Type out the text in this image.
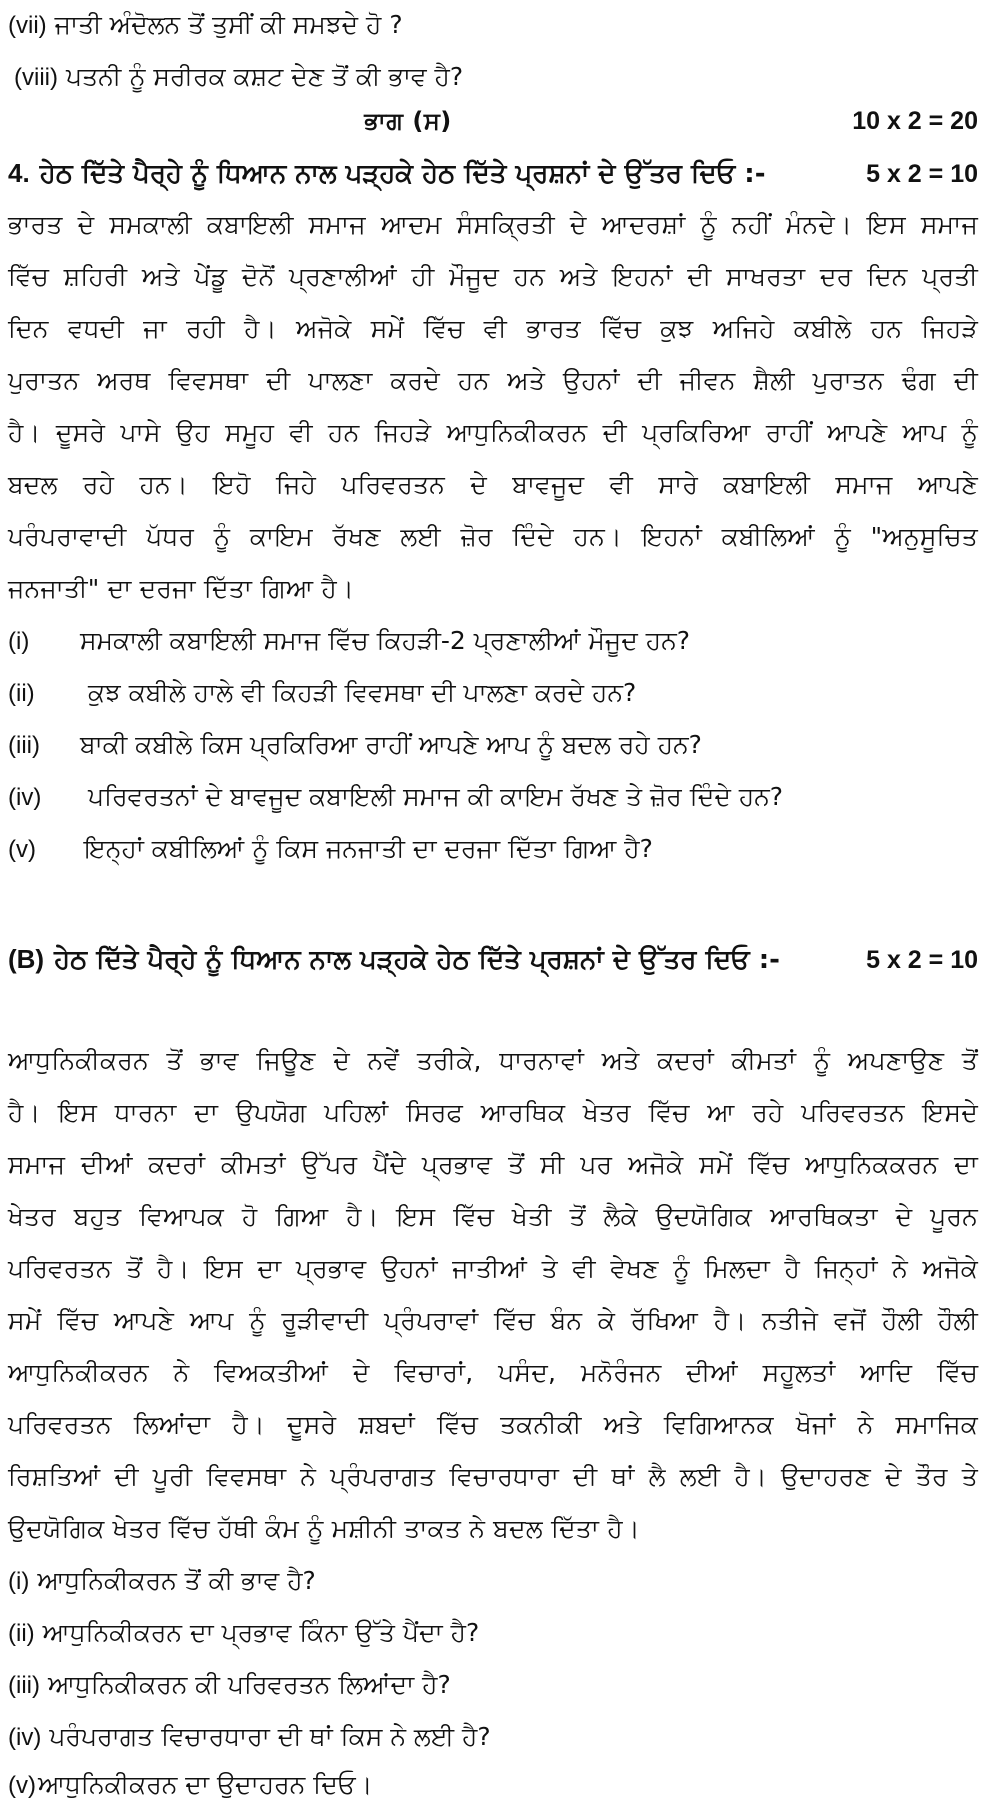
(vii) ਜਾਤੀ ਅੰਦੋਲਨ ਤੋਂ ਤੁਸੀਂ ਕੀ ਸਮਝਦੇ ਹੋ ?
(viii) ਪਤਨੀ ਨੂੰ ਸਰੀਰਕ ਕਸ਼ਟ ਦੇਣ ਤੋਂ ਕੀ ਭਾਵ ਹੈ?
ਭਾਗ (ਸ)	10 x 2 = 20
4. ਹੇਠ ਦਿੱਤੇ ਪੈਰ੍ਹੇ ਨੂੰ ਧਿਆਨ ਨਾਲ ਪੜ੍ਹਕੇ ਹੇਠ ਦਿੱਤੇ ਪ੍ਰਸ਼ਨਾਂ ਦੇ ਉੱਤਰ ਦਿਓ :-	5 x 2 = 10
ਭਾਰਤ ਦੇ ਸਮਕਾਲੀ ਕਬਾਇਲੀ ਸਮਾਜ ਆਦਮ ਸੰਸਕ੍ਰਿਤੀ ਦੇ ਆਦਰਸ਼ਾਂ ਨੂੰ ਨਹੀਂ ਮੰਨਦੇ। ਇਸ ਸਮਾਜ
ਵਿੱਚ ਸ਼ਹਿਰੀ ਅਤੇ ਪੇਂਡੂ ਦੋਨੋਂ ਪ੍ਰਣਾਲੀਆਂ ਹੀ ਮੌਜੂਦ ਹਨ ਅਤੇ ਇਹਨਾਂ ਦੀ ਸਾਖਰਤਾ ਦਰ ਦਿਨ ਪ੍ਰਤੀ
ਦਿਨ ਵਧਦੀ ਜਾ ਰਹੀ ਹੈ। ਅਜੋਕੇ ਸਮੇਂ ਵਿੱਚ ਵੀ ਭਾਰਤ ਵਿੱਚ ਕੁਝ ਅਜਿਹੇ ਕਬੀਲੇ ਹਨ ਜਿਹੜੇ
ਪੁਰਾਤਨ ਅਰਥ ਵਿਵਸਥਾ ਦੀ ਪਾਲਣਾ ਕਰਦੇ ਹਨ ਅਤੇ ਉਹਨਾਂ ਦੀ ਜੀਵਨ ਸ਼ੈਲੀ ਪੁਰਾਤਨ ਢੰਗ ਦੀ
ਹੈ। ਦੂਸਰੇ ਪਾਸੇ ਉਹ ਸਮੂਹ ਵੀ ਹਨ ਜਿਹੜੇ ਆਧੁਨਿਕੀਕਰਨ ਦੀ ਪ੍ਰਕਿਰਿਆ ਰਾਹੀਂ ਆਪਣੇ ਆਪ ਨੂੰ
ਬਦਲ ਰਹੇ ਹਨ। ਇਹੋ ਜਿਹੇ ਪਰਿਵਰਤਨ ਦੇ ਬਾਵਜੂਦ ਵੀ ਸਾਰੇ ਕਬਾਇਲੀ ਸਮਾਜ ਆਪਣੇ
ਪਰੰਪਰਾਵਾਦੀ ਪੱਧਰ ਨੂੰ ਕਾਇਮ ਰੱਖਣ ਲਈ ਜ਼ੋਰ ਦਿੰਦੇ ਹਨ। ਇਹਨਾਂ ਕਬੀਲਿਆਂ ਨੂੰ "ਅਨੁਸੂਚਿਤ
ਜਨਜਾਤੀ" ਦਾ ਦਰਜਾ ਦਿੱਤਾ ਗਿਆ ਹੈ।
(i)	ਸਮਕਾਲੀ ਕਬਾਇਲੀ ਸਮਾਜ ਵਿੱਚ ਕਿਹੜੀ-2 ਪ੍ਰਣਾਲੀਆਂ ਮੌਜੂਦ ਹਨ?
(ii)	ਕੁਝ ਕਬੀਲੇ ਹਾਲੇ ਵੀ ਕਿਹੜੀ ਵਿਵਸਥਾ ਦੀ ਪਾਲਣਾ ਕਰਦੇ ਹਨ?
(iii)	ਬਾਕੀ ਕਬੀਲੇ ਕਿਸ ਪ੍ਰਕਿਰਿਆ ਰਾਹੀਂ ਆਪਣੇ ਆਪ ਨੂੰ ਬਦਲ ਰਹੇ ਹਨ?
(iv)	ਪਰਿਵਰਤਨਾਂ ਦੇ ਬਾਵਜੂਦ ਕਬਾਇਲੀ ਸਮਾਜ ਕੀ ਕਾਇਮ ਰੱਖਣ ਤੇ ਜ਼ੋਰ ਦਿੰਦੇ ਹਨ?
(v)	ਇਨ੍ਹਾਂ ਕਬੀਲਿਆਂ ਨੂੰ ਕਿਸ ਜਨਜਾਤੀ ਦਾ ਦਰਜਾ ਦਿੱਤਾ ਗਿਆ ਹੈ?
(B) ਹੇਠ ਦਿੱਤੇ ਪੈਰ੍ਹੇ ਨੂੰ ਧਿਆਨ ਨਾਲ ਪੜ੍ਹਕੇ ਹੇਠ ਦਿੱਤੇ ਪ੍ਰਸ਼ਨਾਂ ਦੇ ਉੱਤਰ ਦਿਓ :-	5 x 2 = 10
ਆਧੁਨਿਕੀਕਰਨ ਤੋਂ ਭਾਵ ਜਿਊਣ ਦੇ ਨਵੇਂ ਤਰੀਕੇ, ਧਾਰਨਾਵਾਂ ਅਤੇ ਕਦਰਾਂ ਕੀਮਤਾਂ ਨੂੰ ਅਪਣਾਉਣ ਤੋਂ
ਹੈ। ਇਸ ਧਾਰਨਾ ਦਾ ਉਪਯੋਗ ਪਹਿਲਾਂ ਸਿਰਫ ਆਰਥਿਕ ਖੇਤਰ ਵਿੱਚ ਆ ਰਹੇ ਪਰਿਵਰਤਨ ਇਸਦੇ
ਸਮਾਜ ਦੀਆਂ ਕਦਰਾਂ ਕੀਮਤਾਂ ਉੱਪਰ ਪੈਂਦੇ ਪ੍ਰਭਾਵ ਤੋਂ ਸੀ ਪਰ ਅਜੋਕੇ ਸਮੇਂ ਵਿੱਚ ਆਧੁਨਿਕਕਰਨ ਦਾ
ਖੇਤਰ ਬਹੁਤ ਵਿਆਪਕ ਹੋ ਗਿਆ ਹੈ। ਇਸ ਵਿੱਚ ਖੇਤੀ ਤੋਂ ਲੈਕੇ ਉਦਯੋਗਿਕ ਆਰਥਿਕਤਾ ਦੇ ਪੂਰਨ
ਪਰਿਵਰਤਨ ਤੋਂ ਹੈ। ਇਸ ਦਾ ਪ੍ਰਭਾਵ ਉਹਨਾਂ ਜਾਤੀਆਂ ਤੇ ਵੀ ਵੇਖਣ ਨੂੰ ਮਿਲਦਾ ਹੈ ਜਿਨ੍ਹਾਂ ਨੇ ਅਜੋਕੇ
ਸਮੇਂ ਵਿੱਚ ਆਪਣੇ ਆਪ ਨੂੰ ਰੂੜੀਵਾਦੀ ਪ੍ਰੰਪਰਾਵਾਂ ਵਿੱਚ ਬੰਨ ਕੇ ਰੱਖਿਆ ਹੈ। ਨਤੀਜੇ ਵਜੋਂ ਹੌਲੀ ਹੌਲੀ
ਆਧੁਨਿਕੀਕਰਨ ਨੇ ਵਿਅਕਤੀਆਂ ਦੇ ਵਿਚਾਰਾਂ, ਪਸੰਦ, ਮਨੋਰੰਜਨ ਦੀਆਂ ਸਹੂਲਤਾਂ ਆਦਿ ਵਿੱਚ
ਪਰਿਵਰਤਨ ਲਿਆਂਦਾ ਹੈ। ਦੂਸਰੇ ਸ਼ਬਦਾਂ ਵਿੱਚ ਤਕਨੀਕੀ ਅਤੇ ਵਿਗਿਆਨਕ ਖੋਜਾਂ ਨੇ ਸਮਾਜਿਕ
ਰਿਸ਼ਤਿਆਂ ਦੀ ਪੂਰੀ ਵਿਵਸਥਾ ਨੇ ਪ੍ਰੰਪਰਾਗਤ ਵਿਚਾਰਧਾਰਾ ਦੀ ਥਾਂ ਲੈ ਲਈ ਹੈ। ਉਦਾਹਰਣ ਦੇ ਤੌਰ ਤੇ
ਉਦਯੋਗਿਕ ਖੇਤਰ ਵਿੱਚ ਹੱਥੀ ਕੰਮ ਨੂੰ ਮਸ਼ੀਨੀ ਤਾਕਤ ਨੇ ਬਦਲ ਦਿੱਤਾ ਹੈ।
(i) ਆਧੁਨਿਕੀਕਰਨ ਤੋਂ ਕੀ ਭਾਵ ਹੈ?
(ii) ਆਧੁਨਿਕੀਕਰਨ ਦਾ ਪ੍ਰਭਾਵ ਕਿੰਨਾ ਉੱਤੇ ਪੈਂਦਾ ਹੈ?
(iii) ਆਧੁਨਿਕੀਕਰਨ ਕੀ ਪਰਿਵਰਤਨ ਲਿਆਂਦਾ ਹੈ?
(iv) ਪਰੰਪਰਾਗਤ ਵਿਚਾਰਧਾਰਾ ਦੀ ਥਾਂ ਕਿਸ ਨੇ ਲਈ ਹੈ?
(v) ਆਧੁਨਿਕੀਕਰਨ ਦਾ ਉਦਾਹਰਨ ਦਿਓ।
